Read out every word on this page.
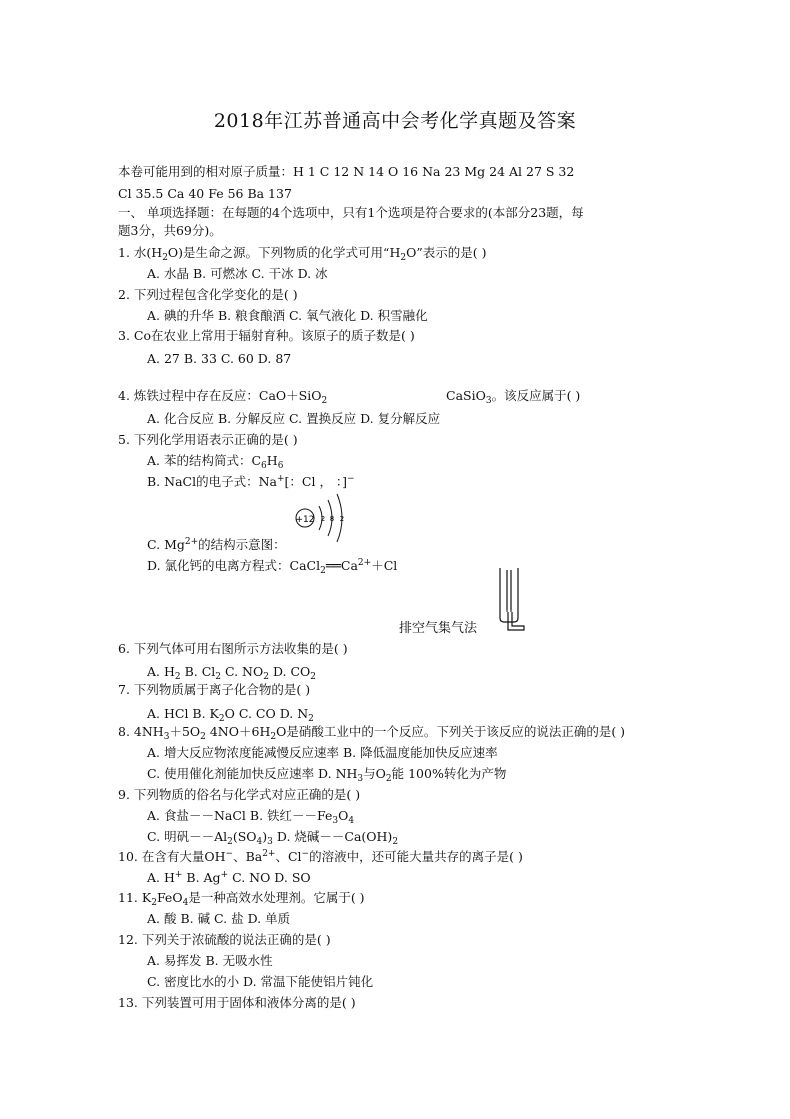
2018年江苏普通高中会考化学真题及答案
本卷可能用到的相对原子质量：H 1 C 12 N 14 O 16 Na 23 Mg 24 Al 27 S 32
Cl 35.5 Ca 40 Fe 56 Ba 137
一、 单项选择题：在每题的4个选项中，只有1个选项是符合要求的(本部分23题，每
题3分，共69分)。
1. 水$(H_2O)$是生命之源。下列物质的化学式可用“$H_2O$”表示的是( )
A. 水晶 B. 可燃冰 C. 干冰 D. 冰
2. 下列过程包含化学变化的是( )
A. 碘的升华 B. 粮食酿酒 C. 氧气液化 D. 积雪融化
3. Co在农业上常用于辐射育种。该原子的质子数是( )
A. 27 B. 33 C. 60 D. 87
4. 炼铁过程中存在反应：CaO＋SiO$_2$	CaSiO$_3$。该反应属于( )
A. 化合反应 B. 分解反应 C. 置换反应 D. 复分解反应
5. 下列化学用语表示正确的是( )
A. 苯的结构简式：$C_6H_6$
B. NaCl的电子式：Na+[：Cl ， ：]−
+12 2 8 2
C. $Mg^{2+}$的结构示意图：
D. 氯化钙的电离方程式：$CaCl_2══Ca^{2+}+Cl$
排空气集气法
6. 下列气体可用右图所示方法收集的是( )
A. $H_2$ B. $Cl_2$ C. $NO_2$ D. $CO_2$
7. 下列物质属于离子化合物的是( )
A. HCl B. $K_2O$ C. CO D. $N_2$
8. $4NH_3+5O_2$ $4NO+6H_2O$是硝酸工业中的一个反应。下列关于该反应的说法正确的是( )
A. 增大反应物浓度能减慢反应速率 B. 降低温度能加快反应速率
C. 使用催化剂能加快反应速率 D. $NH_3$与$O_2$能 100%转化为产物
9. 下列物质的俗名与化学式对应正确的是( )
A. 食盐－－NaCl B. 铁红$--Fe_3O_4$
C. 明矾$--Al_2(SO_4)_3$ D. 烧碱$--Ca(OH)_2$
10. 在含有大量OH−、$Ba^{2+}$、Cl−的溶液中，还可能大量共存的离子是( )
A. H+ B. Ag+ C. NO D. SO
11. $K_2FeO_4$是一种高效水处理剂。它属于( )
A. 酸 B. 碱 C. 盐 D. 单质
12. 下列关于浓硫酸的说法正确的是( )
A. 易挥发 B. 无吸水性
C. 密度比水的小 D. 常温下能使铝片钝化
13. 下列装置可用于固体和液体分离的是( )
